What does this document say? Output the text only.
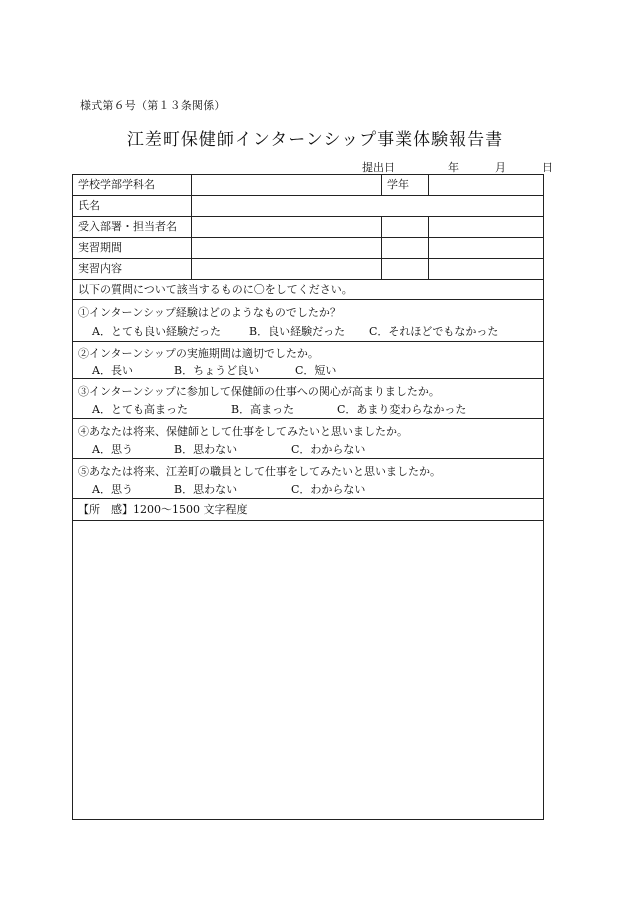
様式第６号（第１３条関係）
江差町保健師インターンシップ事業体験報告書
提出日	年	月	日
学校学部学科名	学年
氏名
受入部署・担当者名
実習期間
実習内容
以下の質問について該当するものに〇をしてください。
①インターンシップ経験はどのようなものでしたか？
A．とても良い経験だった	B．良い経験だった C．それほどでもなかった
②インターンシップの実施期間は適切でしたか。
A．長い	B．ちょうど良い	C．短い
③インターンシップに参加して保健師の仕事への関心が高まりましたか。
A．とても高まった	B．高まった	C．あまり変わらなかった
④あなたは将来、保健師として仕事をしてみたいと思いましたか。
A．思う	B．思わない	C．わからない
⑤あなたは将来、江差町の職員として仕事をしてみたいと思いましたか。
A．思う	B．思わない	C．わからない
【所　感】1200～1500 文字程度
